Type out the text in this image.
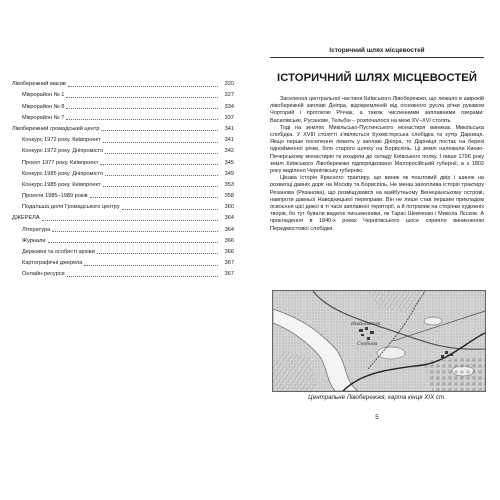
Лівобережний масив	320
Мікрорайон № 1	327
Мікрорайон № 8	334
Мікрорайон № 7	337
Лівобережний громадський центр	341
Конкурс 1972 року. Київпроект	341
Конкурс 1972 року. Дніпромісто	342
Проект 1977 року. Київпроект	345
Конкурс 1985 року. Дніпромісто	349
Конкурс 1985 року. Київпроект	353
Проекти 1985–1989 років	358
Подальша доля Громадського центру	360
ДЖЕРЕЛА	364
Література	364
Журнали	366
Державні та особисті архіви	366
Картографічні джерела	367
Онлайн-ресурси	367
Історичний шлях місцевостей
ІСТОРИЧНИЙ ШЛЯХ МІСЦЕВОСТЕЙ

Заселення центральної частини Київського Лівобережжя, що лежало в широкій лівобережній заплаві Дніпра, відокремленій від основного русла річки рукавом Чорторий і протокою Річчак, а також численними заплавними озерами: Василівське, Русанове, Тельбін – розпочалося на межі XV–XVI століть.

Тоді на землях Микільсько-Пустинського монастиря виникає Микільська слобідка. У XVIII столітті з'являється Кухмістерська слобідка та хутір Дарниця. Якщо перше поселення лежить у заплаві Дніпра, то Дарниця постає на березі однойменної річки, біля старого шляху на Бориспіль. Ці землі належали Києво-Печерському монастирю та входили до складу Київського полку. І лише 1796 року землі Київського Лівобережжя підпорядковано Малоросійській губернії, а з 1802 року виділено Чернігівську губернію.

Цікава історія Красного трактиру, що виник як поштовий двір і шинок на розвилці давніх доріг на Москву та Бориспіль. Не менш захоплива історія трактиру Резанова (Рязанова), що розміщувався на майбутньому Венеціанському острові, навпроти давньої Наводницької переправи. Він не лише став першим прикладом освоєння цієї дикої в ті часи заплавної території, а й потрапив на сторінки художніх творів, бо тут бували видатні письменники, як Тарас Шевченко і Микола Лєсков. А прокладення в 1840-х роках Чернігівського шосе сприяло виникненню Передмостової слобідки.

Никольская
Слобода
Центральне Лівобережжя, карта кінця XIX ст.
5
